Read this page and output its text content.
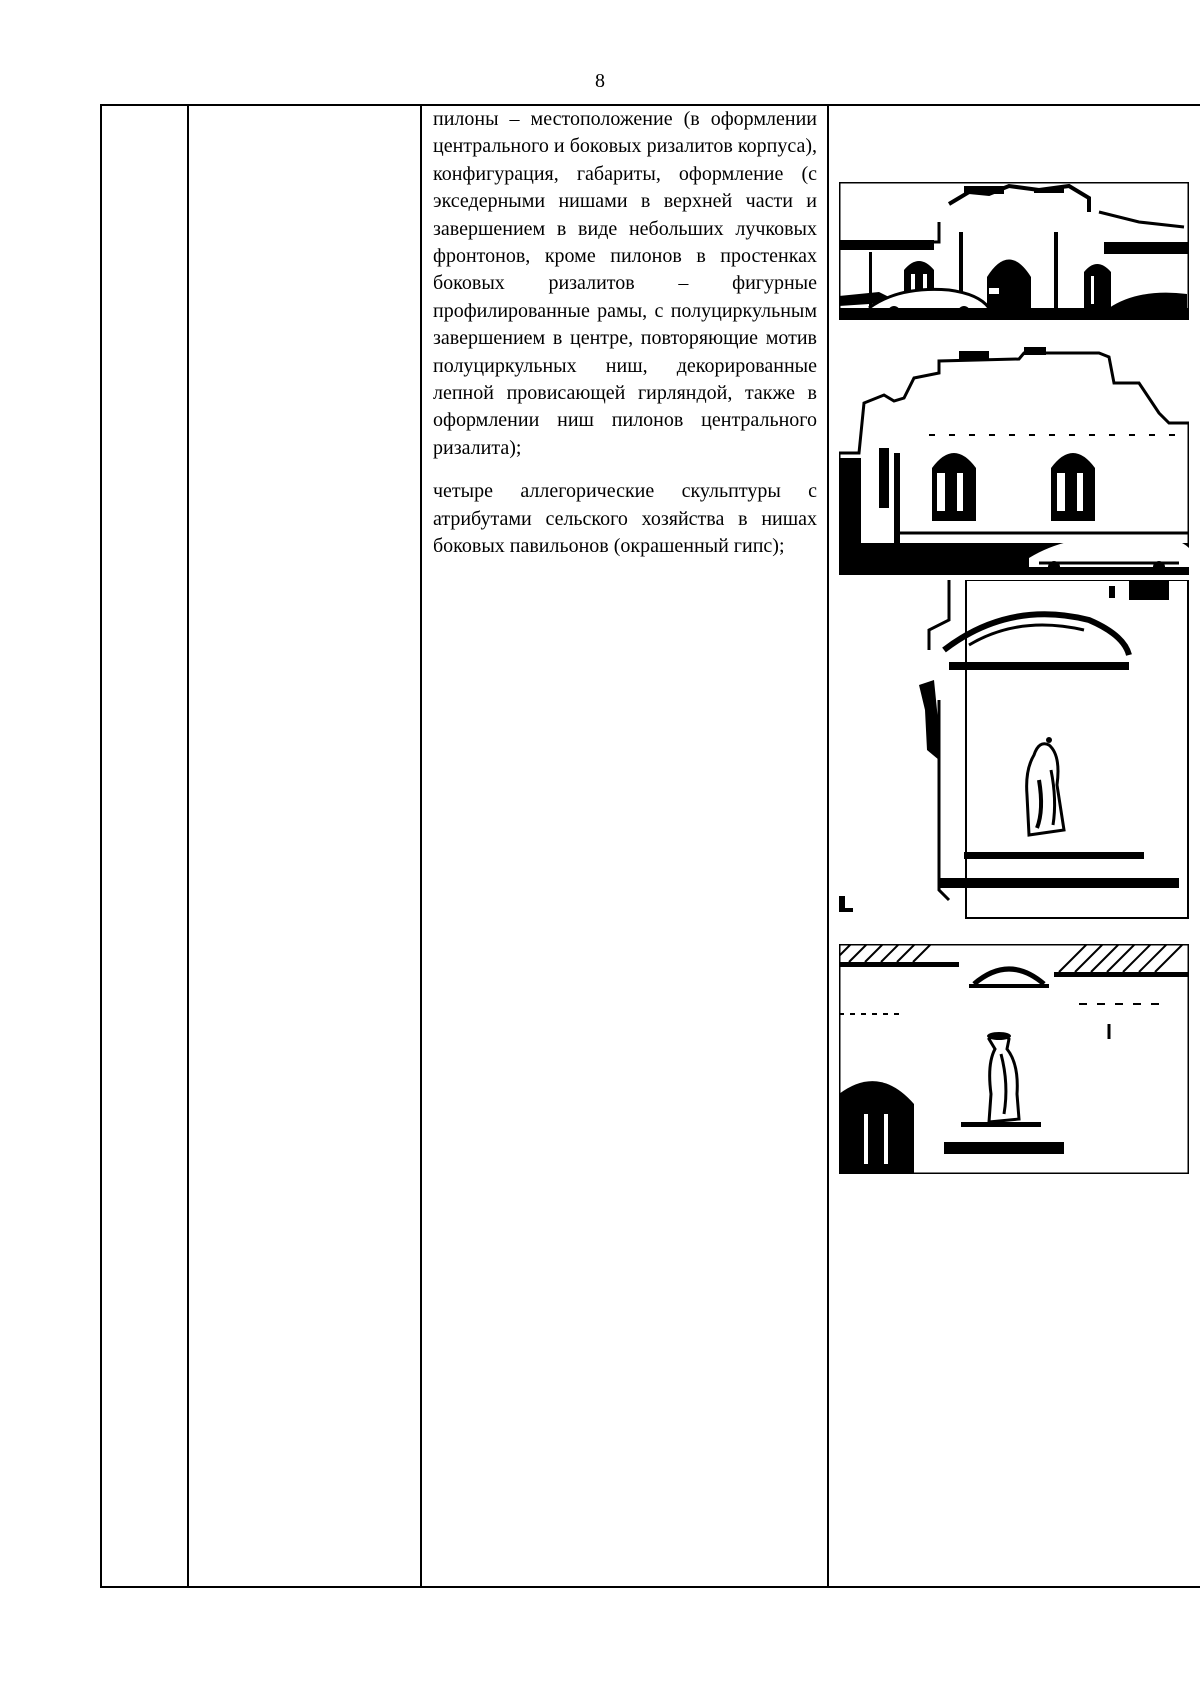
8

пилоны – местоположение (в оформлении центрального и боковых ризалитов корпуса), конфигурация, габариты, оформление (с экседерными нишами в верхней части и завершением в виде небольших лучковых фронтонов, кроме пилонов в простенках боковых ризалитов – фигурные профилированные рамы, с полуциркульным завершением в центре, повторяющие мотив полуциркульных ниш, декорированные лепной провисающей гирляндой, также в оформлении ниш пилонов центрального ризалита);

четыре аллегорические скульптуры с атрибутами сельского хозяйства в нишах боковых павильонов (окрашенный гипс);
